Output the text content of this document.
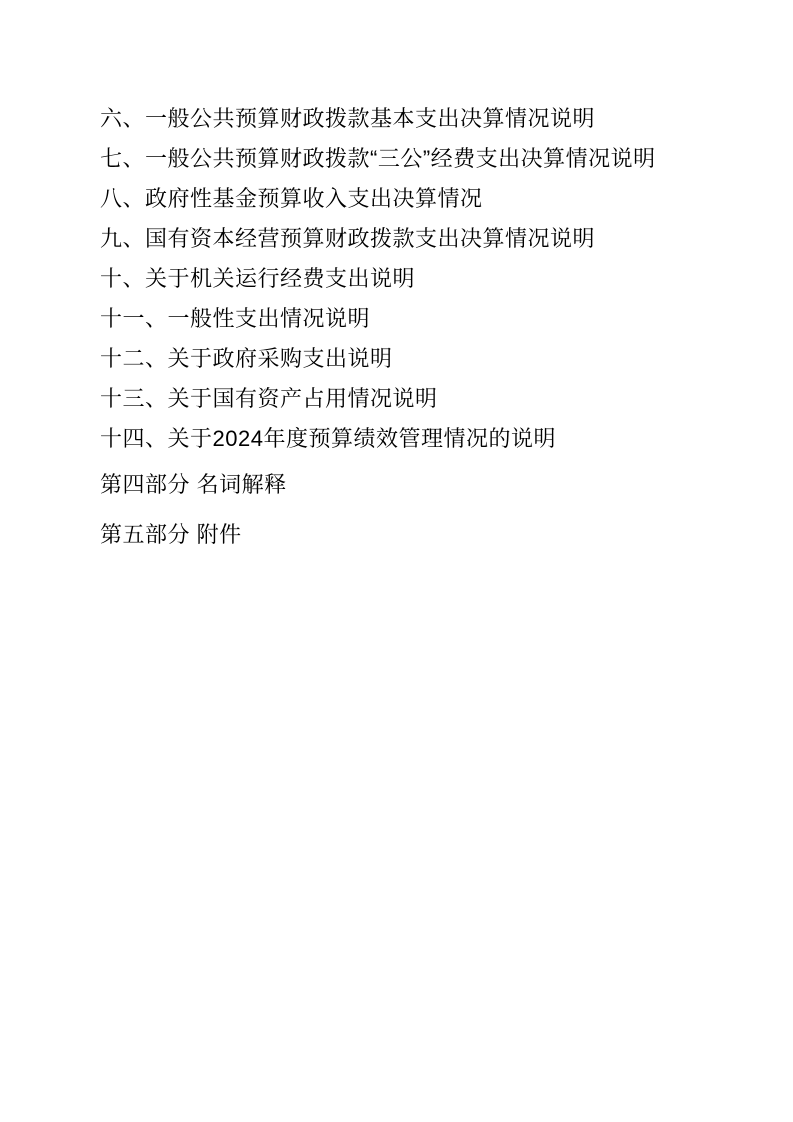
六、一般公共预算财政拨款基本支出决算情况说明
七、一般公共预算财政拨款“三公”经费支出决算情况说明
八、政府性基金预算收入支出决算情况
九、国有资本经营预算财政拨款支出决算情况说明
十、关于机关运行经费支出说明
十一、一般性支出情况说明
十二、关于政府采购支出说明
十三、关于国有资产占用情况说明
十四、关于2024年度预算绩效管理情况的说明
第四部分 名词解释
第五部分 附件
